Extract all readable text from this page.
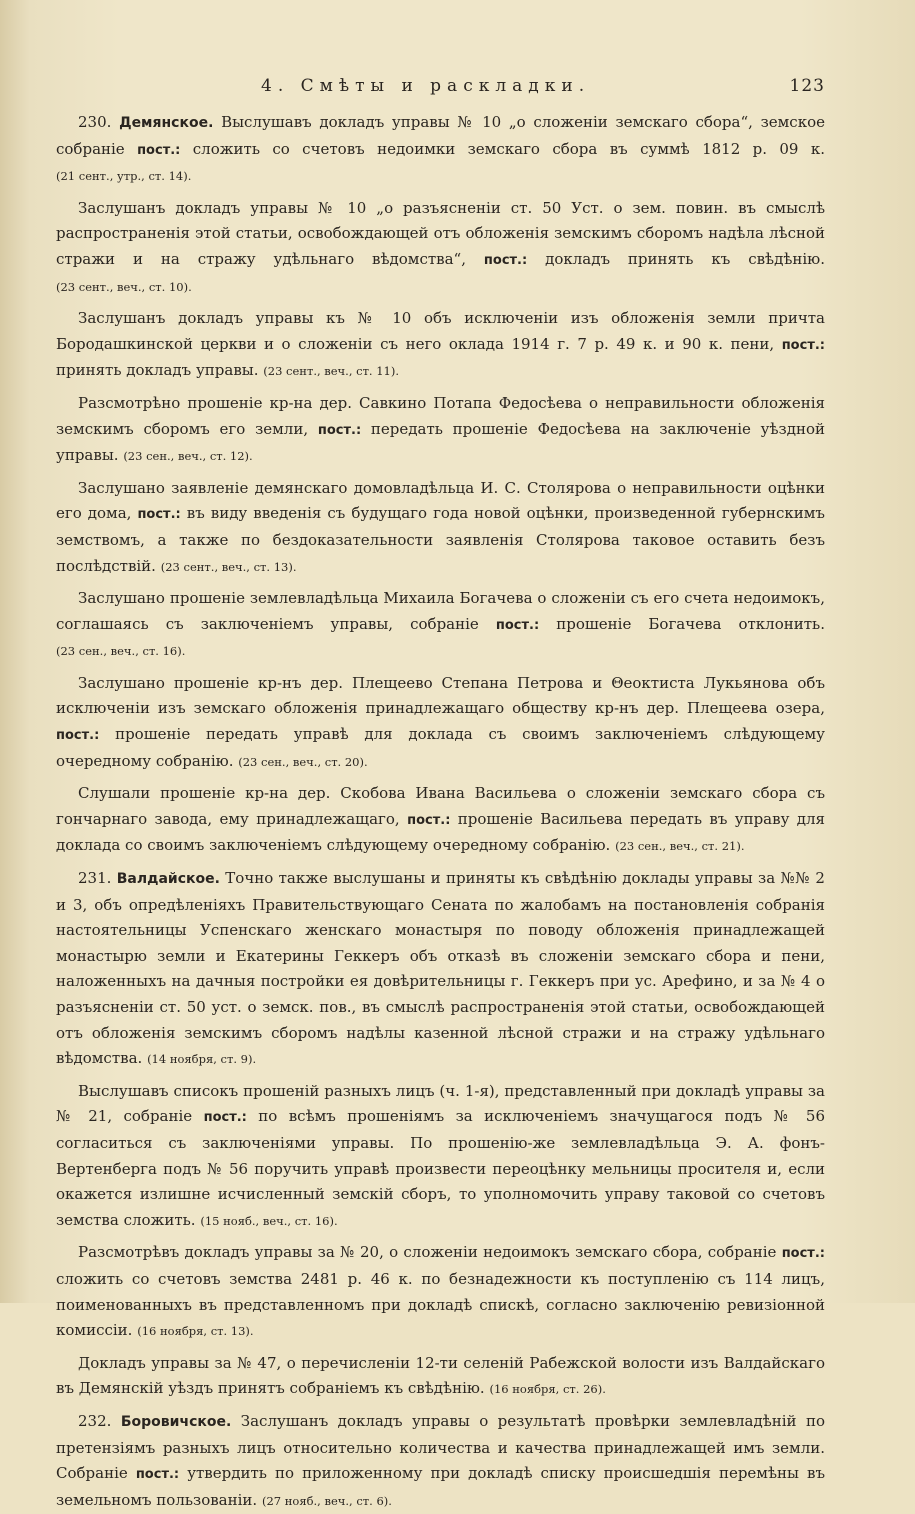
4. Смѣты и раскладки.	123

230. Демянское. Выслушавъ докладъ управы № 10 „о сложенiи земскаго сбора“, земское собранiе пост.: сложить со счетовъ недоимки земскаго сбора въ суммѣ 1812 р. 09 к. (21 сент., утр., ст. 14).

Заслушанъ докладъ управы № 10 „о разъясненiи ст. 50 Уст. о зем. повин. въ смыслѣ распространенiя этой статьи, освобождающей отъ обложенiя земскимъ сборомъ надѣла лѣсной стражи и на стражу удѣльнаго вѣдомства“, пост.: докладъ принять къ свѣдѣнiю. (23 сент., веч., ст. 10).

Заслушанъ докладъ управы къ № 10 объ исключенiи изъ обложенiя земли причта Бородашкинской церкви и о сложенiи съ него оклада 1914 г. 7 р. 49 к. и 90 к. пени, пост.: принять докладъ управы. (23 сент., веч., ст. 11).

Разсмотрѣно прошенiе кр-на дер. Савкино Потапа Федосѣева о неправильности обложенiя земскимъ сборомъ его земли, пост.: передать прошенiе Федосѣева на заключенiе уѣздной управы. (23 сен., веч., ст. 12).

Заслушано заявленiе демянскаго домовладѣльца И. С. Столярова о неправильности оцѣнки его дома, пост.: въ виду введенiя съ будущаго года новой оцѣнки, произведенной губернскимъ земствомъ, а также по бездоказательности заявленiя Столярова таковое оставить безъ послѣдствiй. (23 сент., веч., ст. 13).

Заслушано прошенiе землевладѣльца Михаила Богачева о сложенiи съ его счета недоимокъ, соглашаясь съ заключенiемъ управы, собранiе пост.: прошенiе Богачева отклонить. (23 сен., веч., ст. 16).

Заслушано прошенiе кр-нъ дер. Плещеево Степана Петрова и Θеоктиста Лукьянова объ исключенiи изъ земскаго обложенiя принадлежащаго обществу кр-нъ дер. Плещеева озера, пост.: прошенiе передать управѣ для доклада съ своимъ заключенiемъ слѣдующему очередному собранiю. (23 сен., веч., ст. 20).

Слушали прошенiе кр-на дер. Скобова Ивана Васильева о сложенiи земскаго сбора съ гончарнаго завода, ему принадлежащаго, пост.: прошенiе Васильева передать въ управу для доклада со своимъ заключенiемъ слѣдующему очередному собранiю. (23 сен., веч., ст. 21).

231. Валдайское. Точно также выслушаны и приняты къ свѣдѣнiю доклады управы за №№ 2 и 3, объ опредѣленiяхъ Правительствующаго Сената по жалобамъ на постановленiя собранiя настоятельницы Успенскаго женскаго монастыря по поводу обложенiя принадлежащей монастырю земли и Екатерины Геккеръ объ отказѣ въ сложенiи земскаго сбора и пени, наложенныхъ на дачныя постройки ея довѣрительницы г. Геккеръ при ус. Арефино, и за № 4 о разъясненiи ст. 50 уст. о земск. пов., въ смыслѣ распространенiя этой статьи, освобождающей отъ обложенiя земскимъ сборомъ надѣлы казенной лѣсной стражи и на стражу удѣльнаго вѣдомства. (14 ноября, ст. 9).

Выслушавъ списокъ прошенiй разныхъ лицъ (ч. 1-я), представленный при докладѣ управы за № 21, собранiе пост.: по всѣмъ прошенiямъ за исключенiемъ значущагося подъ № 56 согласиться съ заключенiями управы. По прошенiю-же землевладѣльца Э. А. фонъ-Вертенберга подъ № 56 поручить управѣ произвести переоцѣнку мельницы просителя и, если окажется излишне исчисленный земскiй сборъ, то уполномочить управу таковой со счетовъ земства сложить. (15 нояб., веч., ст. 16).

Разсмотрѣвъ докладъ управы за № 20, о сложенiи недоимокъ земскаго сбора, собранiе пост.: сложить со счетовъ земства 2481 р. 46 к. по безнадежности къ поступленiю съ 114 лицъ, поименованныхъ въ представленномъ при докладѣ спискѣ, согласно заключенiю ревизiонной комиссiи. (16 ноября, ст. 13).

Докладъ управы за № 47, о перечисленiи 12-ти селенiй Рабежской волости изъ Валдайскаго въ Демянскiй уѣздъ принятъ собранiемъ къ свѣдѣнiю. (16 ноября, ст. 26).

232. Боровичское. Заслушанъ докладъ управы о результатѣ провѣрки землевладѣнiй по претензiямъ разныхъ лицъ относительно количества и качества принадлежащей имъ земли. Собранiе пост.: утвердить по приложенному при докладѣ списку происшедшiя перемѣны въ земельномъ пользованiи. (27 нояб., веч., ст. 6).
